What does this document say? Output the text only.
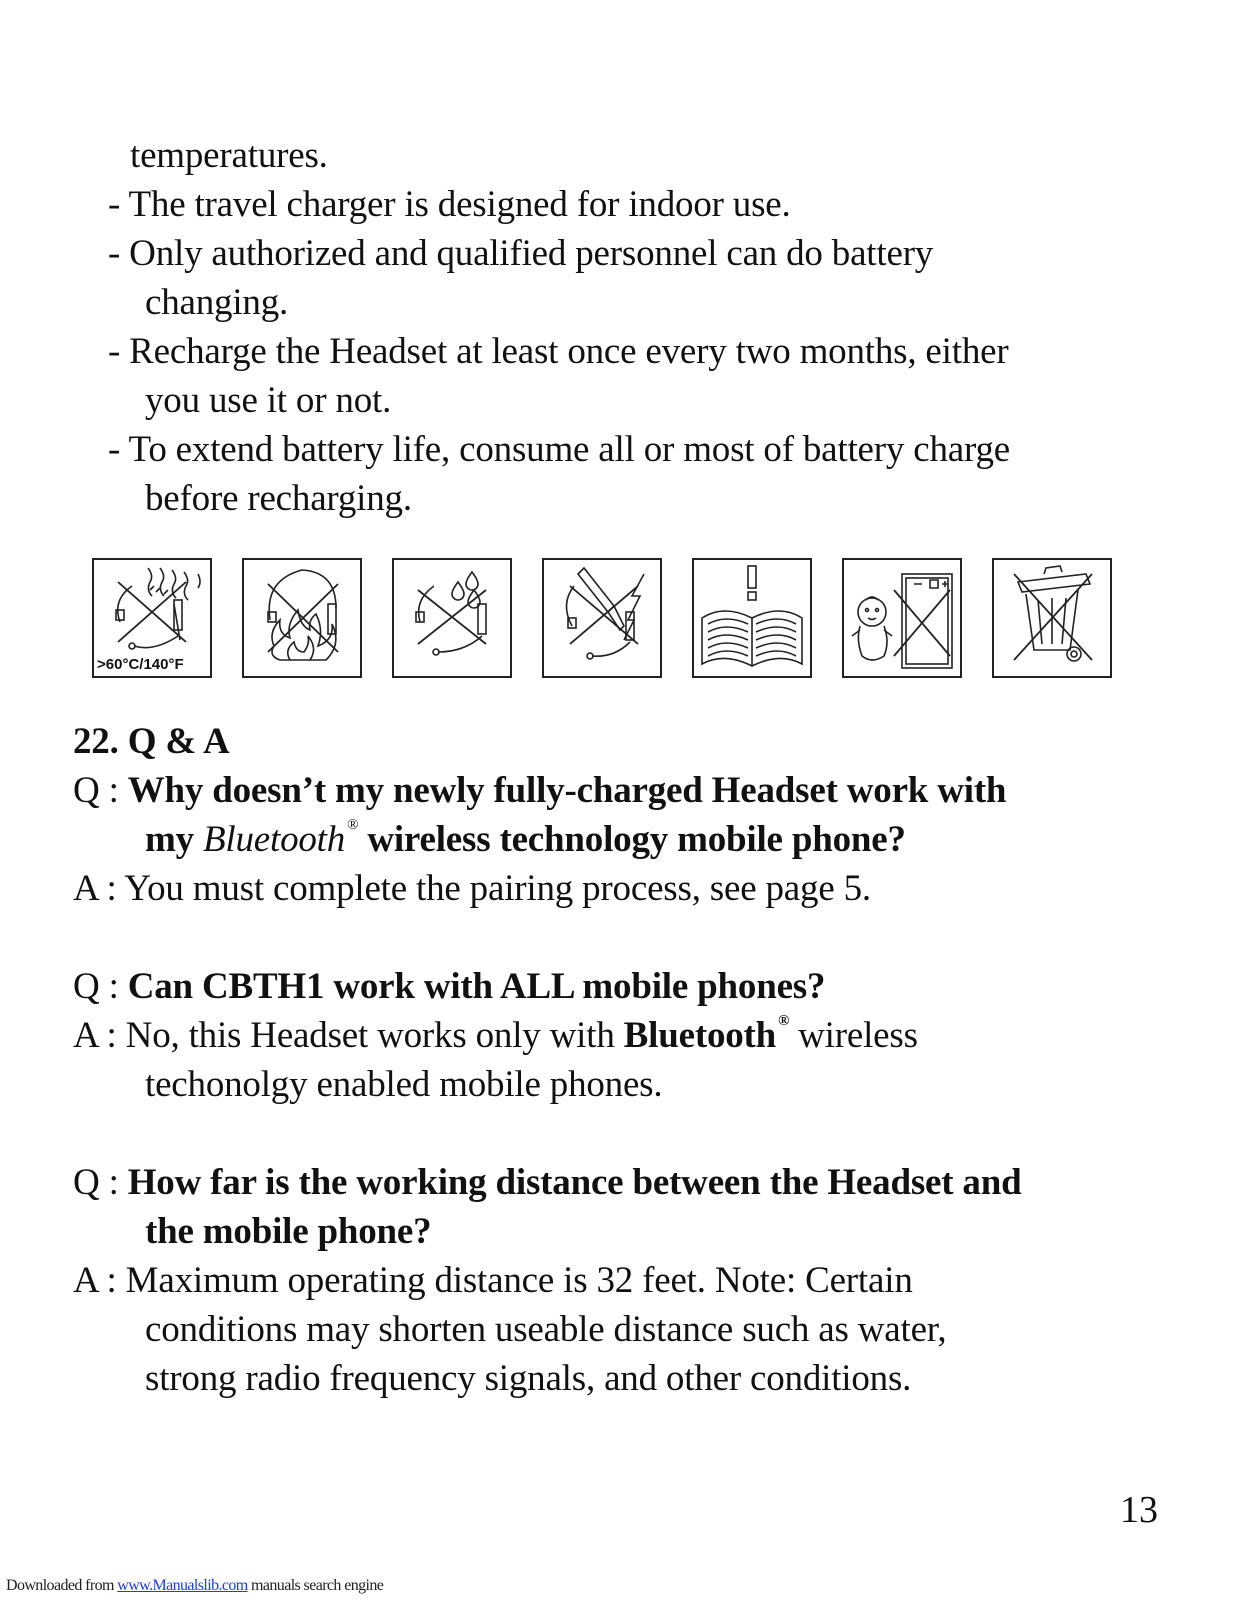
temperatures.
- The travel charger is designed for indoor use.
- Only authorized and qualified personnel can do battery
changing.
- Recharge the Headset at least once every two months, either
you use it or not.
- To extend battery life, consume all or most of battery charge
before recharging.
>60°C/140°F
22. Q & A
Q : Why doesn’t my newly fully-charged Headset work with
my Bluetooth ® wireless technology mobile phone?
A : You must complete the pairing process, see page 5.
Q : Can CBTH1 work with ALL mobile phones?
A : No, this Headset works only with Bluetooth ® wireless
techonolgy enabled mobile phones.
Q : How far is the working distance between the Headset and
the mobile phone?
A : Maximum operating distance is 32 feet. Note: Certain
conditions may shorten useable distance such as water,
strong radio frequency signals, and other conditions.
13
Downloaded from www.Manualslib.com manuals search engine
